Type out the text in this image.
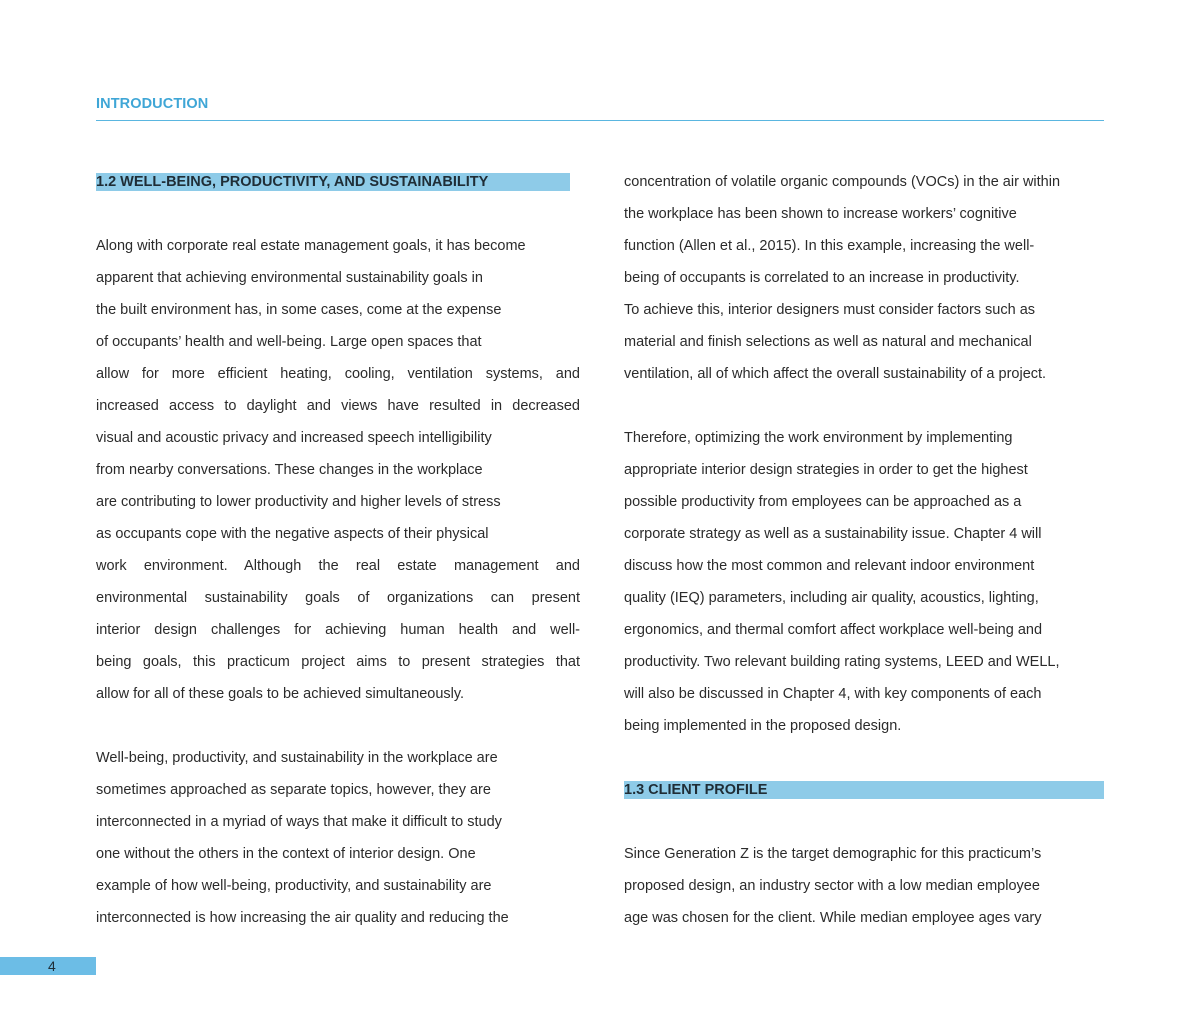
INTRODUCTION
1.2 WELL-BEING, PRODUCTIVITY, AND SUSTAINABILITY
Along with corporate real estate management goals, it has become
apparent that achieving environmental sustainability goals in
the built environment has, in some cases, come at the expense
of occupants’ health and well-being. Large open spaces that
allow for more efficient heating, cooling, ventilation systems, and
increased access to daylight and views have resulted in decreased
visual and acoustic privacy and increased speech intelligibility
from nearby conversations. These changes in the workplace
are contributing to lower productivity and higher levels of stress
as occupants cope with the negative aspects of their physical
work environment. Although the real estate management and
environmental sustainability goals of organizations can present
interior design challenges for achieving human health and well-
being goals, this practicum project aims to present strategies that
allow for all of these goals to be achieved simultaneously.
Well-being, productivity, and sustainability in the workplace are
sometimes approached as separate topics, however, they are
interconnected in a myriad of ways that make it difficult to study
one without the others in the context of interior design. One
example of how well-being, productivity, and sustainability are
interconnected is how increasing the air quality and reducing the
concentration of volatile organic compounds (VOCs) in the air within
the workplace has been shown to increase workers’ cognitive
function (Allen et al., 2015). In this example, increasing the well-
being of occupants is correlated to an increase in productivity.
To achieve this, interior designers must consider factors such as
material and finish selections as well as natural and mechanical
ventilation, all of which affect the overall sustainability of a project.
Therefore, optimizing the work environment by implementing
appropriate interior design strategies in order to get the highest
possible productivity from employees can be approached as a
corporate strategy as well as a sustainability issue. Chapter 4 will
discuss how the most common and relevant indoor environment
quality (IEQ) parameters, including air quality, acoustics, lighting,
ergonomics, and thermal comfort affect workplace well-being and
productivity. Two relevant building rating systems, LEED and WELL,
will also be discussed in Chapter 4, with key components of each
being implemented in the proposed design.
1.3 CLIENT PROFILE
Since Generation Z is the target demographic for this practicum’s
proposed design, an industry sector with a low median employee
age was chosen for the client. While median employee ages vary
4
